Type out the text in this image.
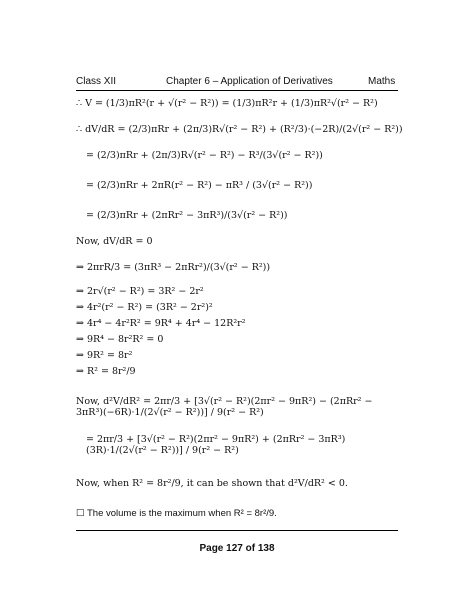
Class XII	Chapter 6 – Application of Derivatives	Maths
∴ V = (1/3)πR²(r + √(r² − R²)) = (1/3)πR²r + (1/3)πR²√(r² − R²)
∴ dV/dR = (2/3)πRr + (2π/3)R√(r² − R²) + (R²/3)·(−2R)/(2√(r² − R²))
= (2/3)πRr + (2π/3)R√(r² − R²) − R³/(3√(r² − R²))
= (2/3)πRr + 2πR(r² − R²) − πR³ / (3√(r² − R²))
= (2/3)πRr + (2πRr² − 3πR³)/(3√(r² − R²))
Now, dV/dR = 0
⇒ 2πrR/3 = (3πR³ − 2πRr²)/(3√(r² − R²))
⇒ 2r√(r² − R²) = 3R² − 2r²
⇒ 4r²(r² − R²) = (3R² − 2r²)²
⇒ 4r⁴ − 4r²R² = 9R⁴ + 4r⁴ − 12R²r²
⇒ 9R⁴ − 8r²R² = 0
⇒ 9R² = 8r²
⇒ R² = 8r²/9
Now, d²V/dR² = 2πr/3 + [3√(r² − R²)(2πr² − 9πR²) − (2πRr² − 3πR³)(−6R)·1/(2√(r² − R²))] / 9(r² − R²)
= 2πr/3 + [3√(r² − R²)(2πr² − 9πR²) + (2πRr² − 3πR³)(3R)·1/(2√(r² − R²))] / 9(r² − R²)
Now, when R² = 8r²/9, it can be shown that d²V/dR² < 0.
☐ The volume is the maximum when R² = 8r²/9.
Page 127 of 138
